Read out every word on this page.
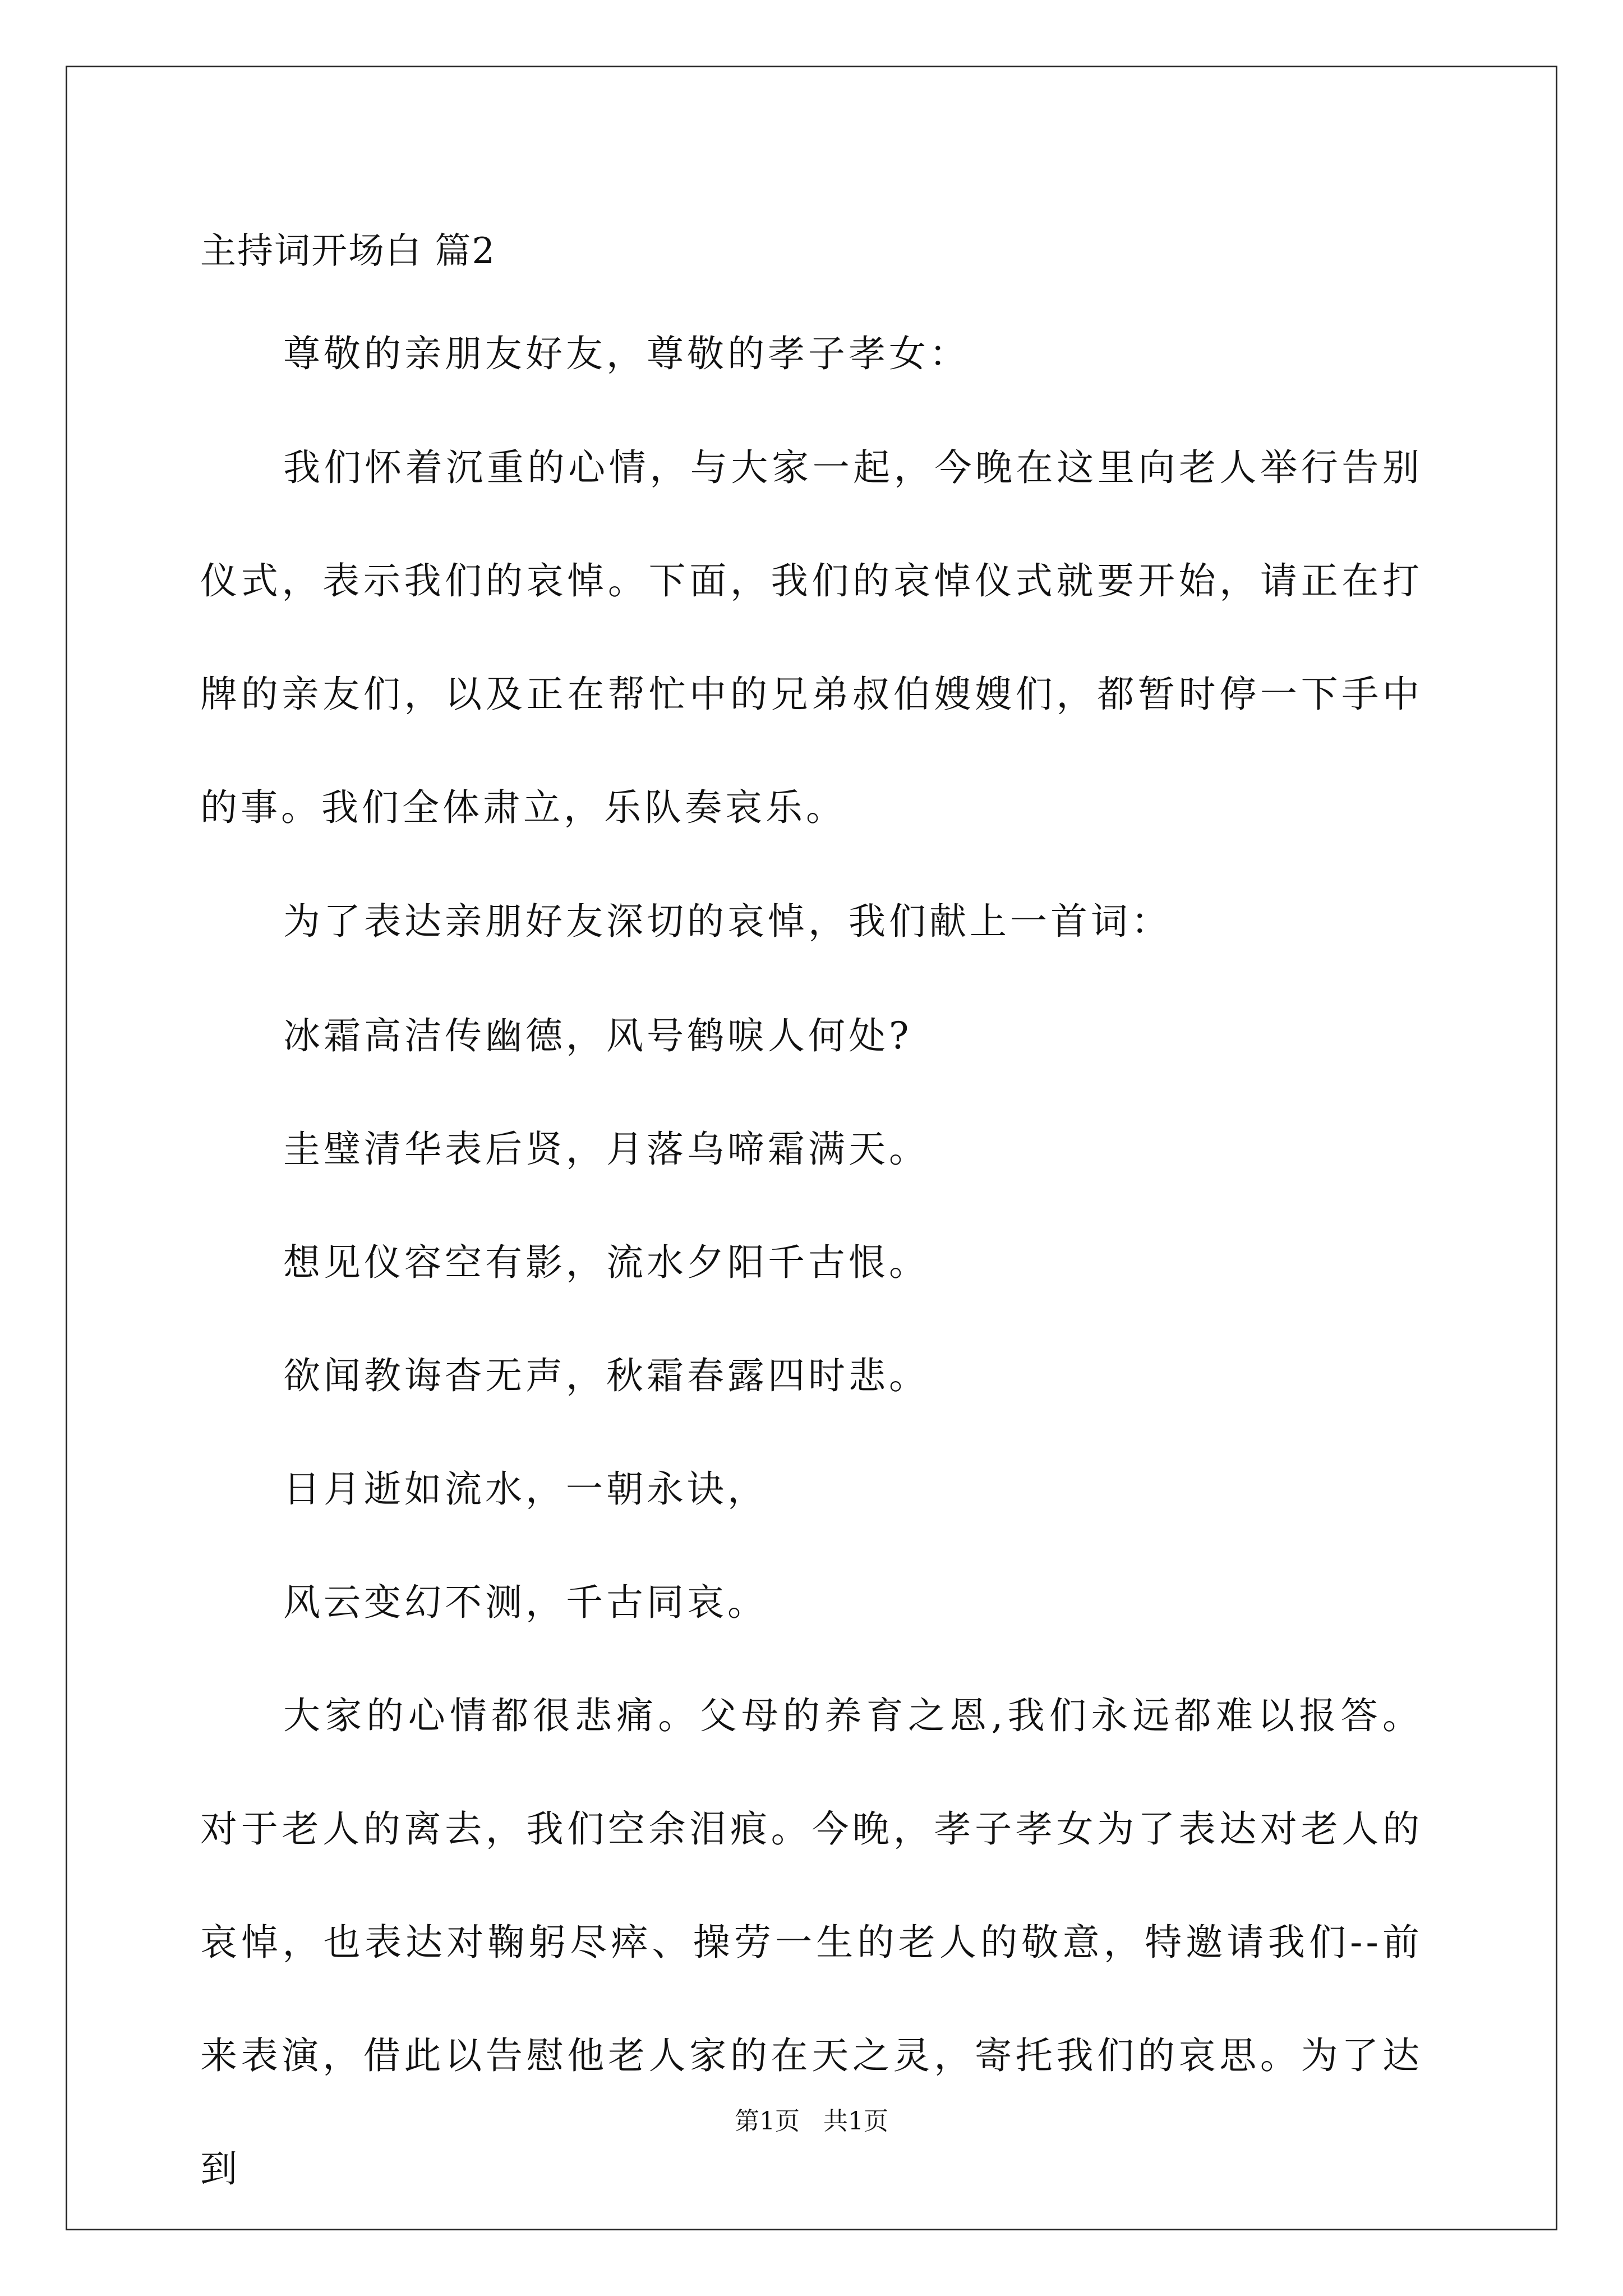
主持词开场白 篇2

尊敬的亲朋友好友，尊敬的孝子孝女：

我们怀着沉重的心情，与大家一起，今晚在这里向老人举行告别仪式，表示我们的哀悼。下面，我们的哀悼仪式就要开始，请正在打牌的亲友们，以及正在帮忙中的兄弟叔伯嫂嫂们，都暂时停一下手中的事。我们全体肃立，乐队奏哀乐。

为了表达亲朋好友深切的哀悼，我们献上一首词：

冰霜高洁传幽德，风号鹤唳人何处?

圭璧清华表后贤，月落乌啼霜满天。

想见仪容空有影，流水夕阳千古恨。

欲闻教诲杳无声，秋霜春露四时悲。

日月逝如流水，一朝永诀，

风云变幻不测，千古同哀。

大家的心情都很悲痛。父母的养育之恩,我们永远都难以报答。对于老人的离去，我们空余泪痕。今晚，孝子孝女为了表达对老人的哀悼，也表达对鞠躬尽瘁、操劳一生的老人的敬意，特邀请我们--前来表演，借此以告慰他老人家的在天之灵，寄托我们的哀思。为了达到

第1页   共1页
